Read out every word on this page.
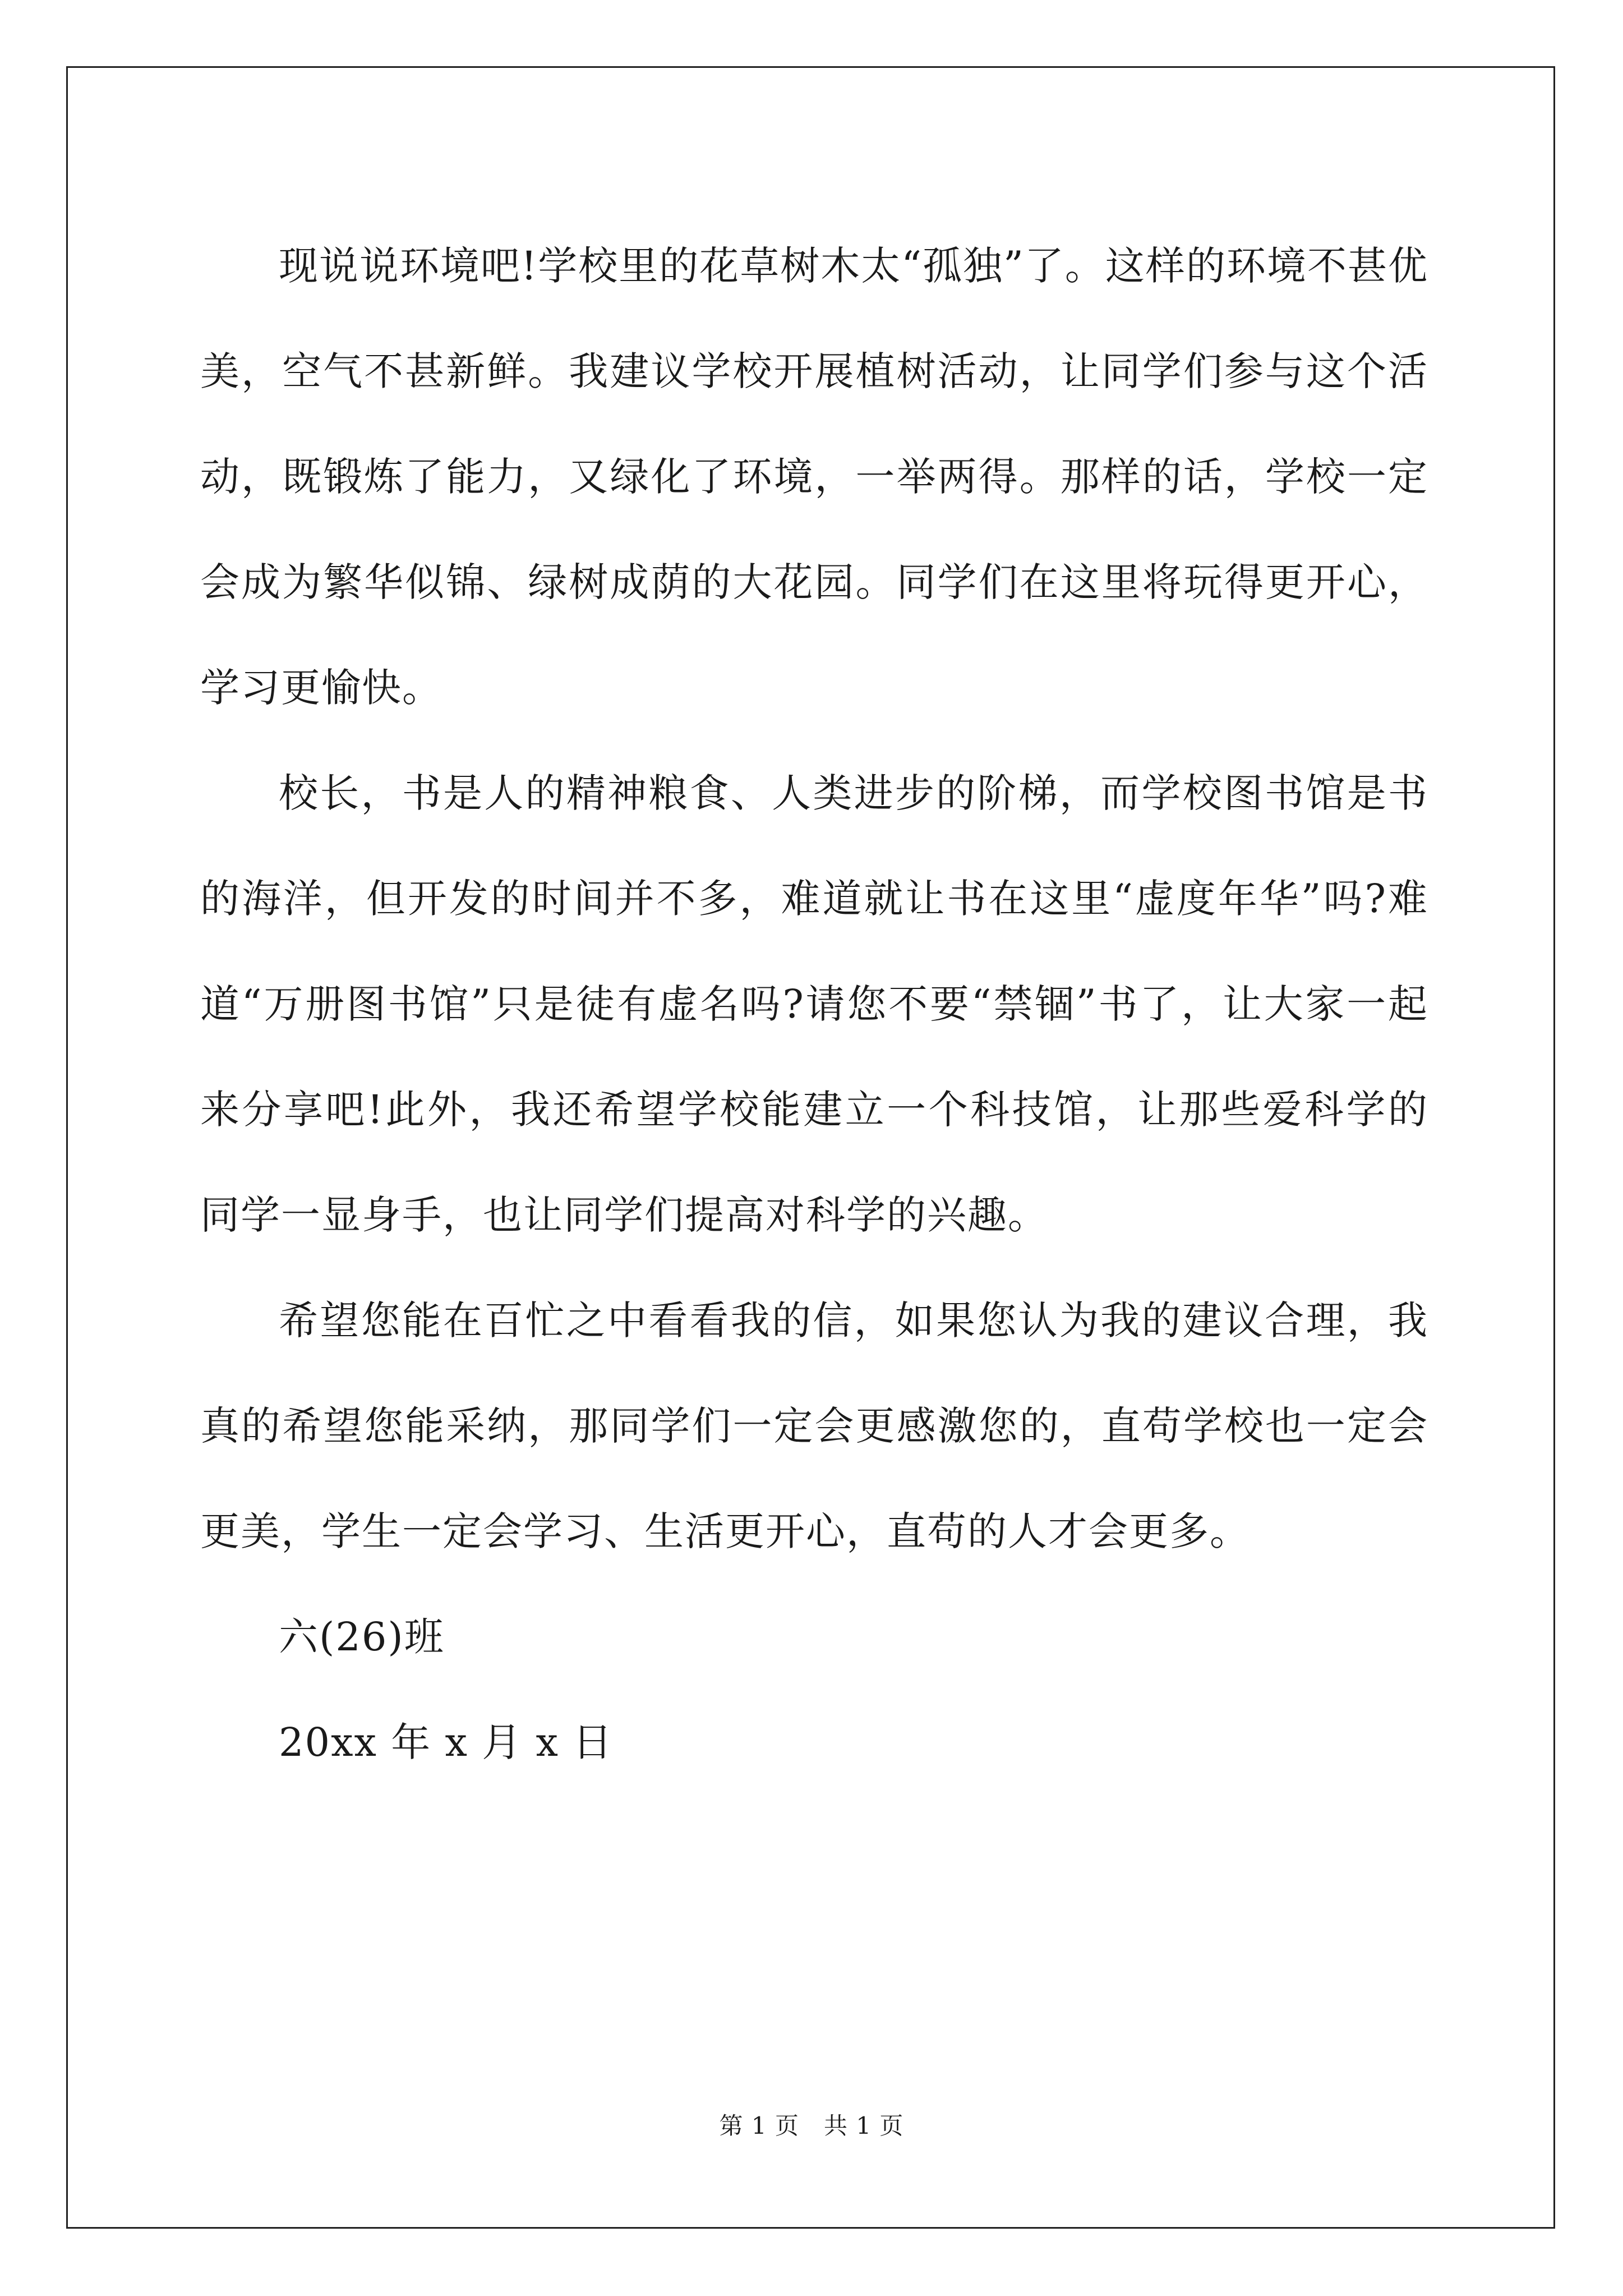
现说说环境吧!学校里的花草树木太“孤独”了。这样的环境不甚优美，空气不甚新鲜。我建议学校开展植树活动，让同学们参与这个活动，既锻炼了能力，又绿化了环境，一举两得。那样的话，学校一定会成为繁华似锦、绿树成荫的大花园。同学们在这里将玩得更开心，学习更愉快。

校长，书是人的精神粮食、人类进步的阶梯，而学校图书馆是书的海洋，但开发的时间并不多，难道就让书在这里“虚度年华”吗?难道“万册图书馆”只是徒有虚名吗?请您不要“禁锢”书了，让大家一起来分享吧!此外，我还希望学校能建立一个科技馆，让那些爱科学的同学一显身手，也让同学们提高对科学的兴趣。

希望您能在百忙之中看看我的信，如果您认为我的建议合理，我真的希望您能采纳，那同学们一定会更感激您的，直苟学校也一定会更美，学生一定会学习、生活更开心，直苟的人才会更多。

六(26)班

20xx 年 x 月 x 日

第 1 页 共 1 页
